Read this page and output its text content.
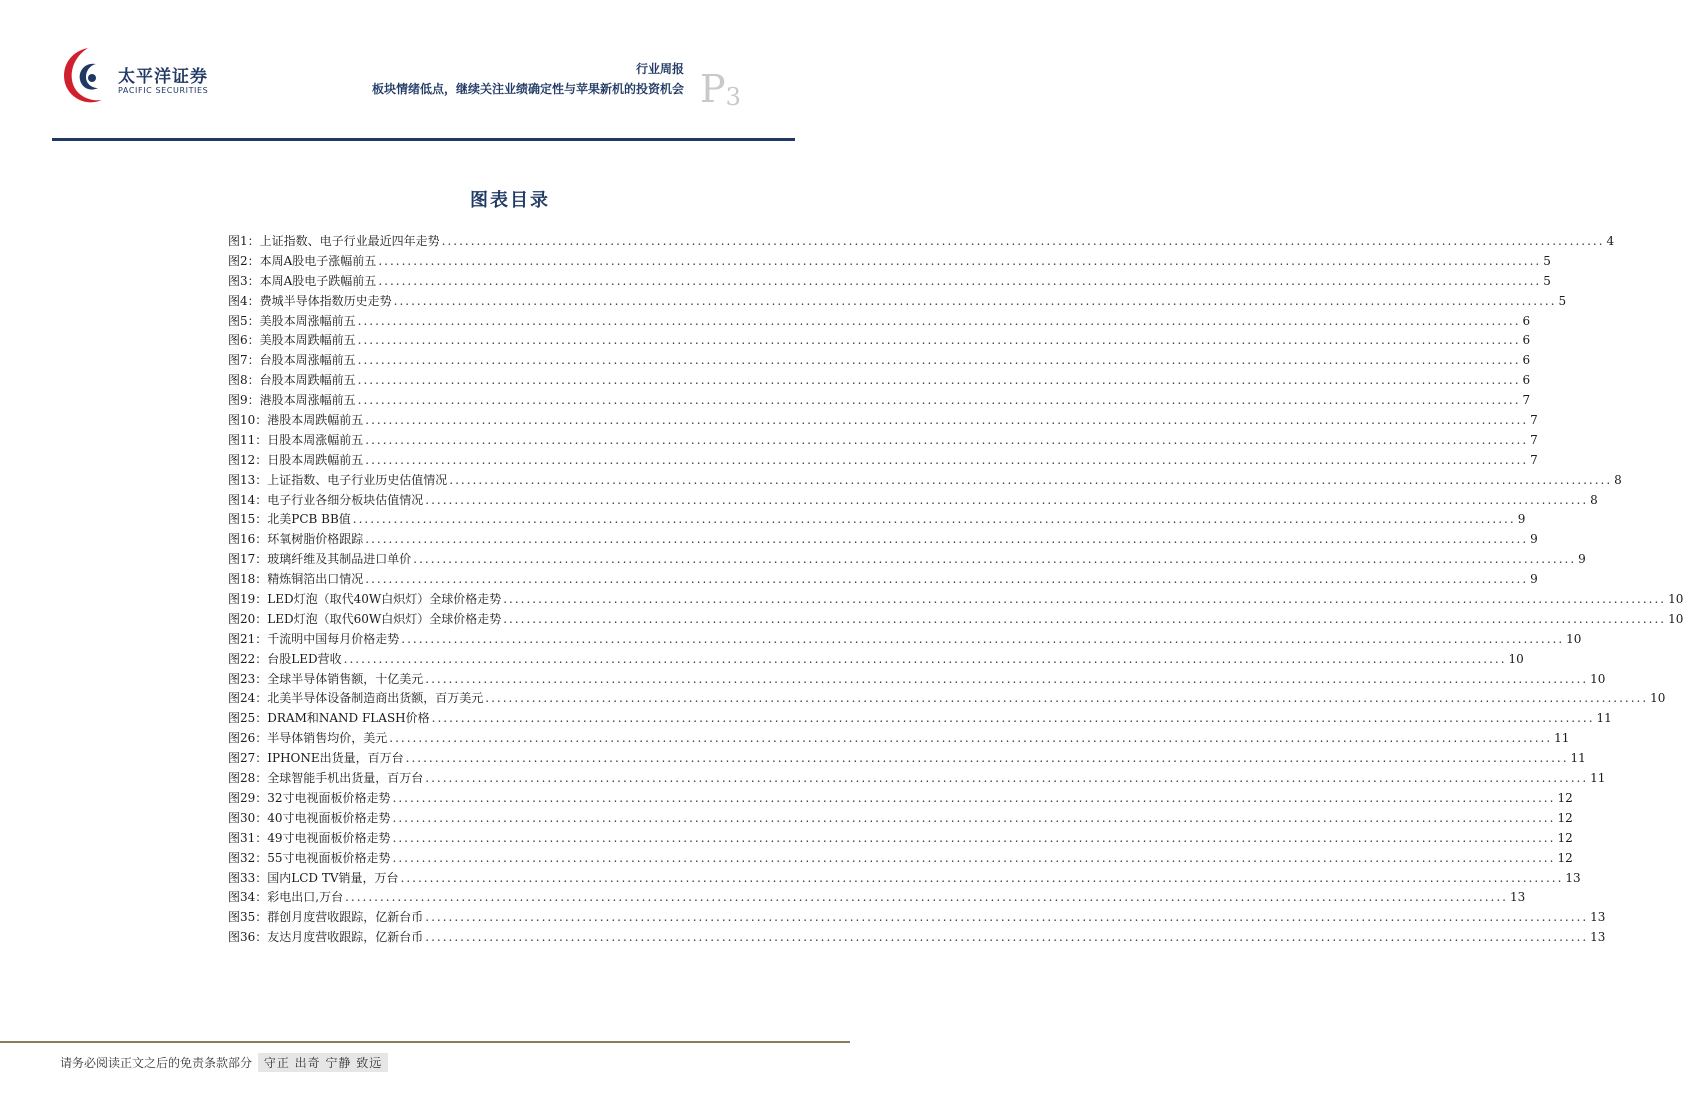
太平洋证券
PACIFIC SECURITIES
行业周报
板块情绪低点，继续关注业绩确定性与苹果新机的投资机会 P3
图表目录
图1：上证指数、电子行业最近四年走势 ........................................................................................................................................................................................................ 4
图2：本周A股电子涨幅前五 ........................................................................................................................................................................................................ 5
图3：本周A股电子跌幅前五 ........................................................................................................................................................................................................ 5
图4：费城半导体指数历史走势 ........................................................................................................................................................................................................ 5
图5：美股本周涨幅前五 ........................................................................................................................................................................................................ 6
图6：美股本周跌幅前五 ........................................................................................................................................................................................................ 6
图7：台股本周涨幅前五 ........................................................................................................................................................................................................ 6
图8：台股本周跌幅前五 ........................................................................................................................................................................................................ 6
图9：港股本周涨幅前五 ........................................................................................................................................................................................................ 7
图10：港股本周跌幅前五 ........................................................................................................................................................................................................ 7
图11：日股本周涨幅前五 ........................................................................................................................................................................................................ 7
图12：日股本周跌幅前五 ........................................................................................................................................................................................................ 7
图13：上证指数、电子行业历史估值情况 ........................................................................................................................................................................................................ 8
图14：电子行业各细分板块估值情况 ........................................................................................................................................................................................................ 8
图15：北美PCB BB值 ........................................................................................................................................................................................................ 9
图16：环氧树脂价格跟踪 ........................................................................................................................................................................................................ 9
图17：玻璃纤维及其制品进口单价 ........................................................................................................................................................................................................ 9
图18：精炼铜箔出口情况 ........................................................................................................................................................................................................ 9
图19：LED灯泡（取代40W白炽灯）全球价格走势 ........................................................................................................................................................................................................ 10
图20：LED灯泡（取代60W白炽灯）全球价格走势 ........................................................................................................................................................................................................ 10
图21：千流明中国每月价格走势 ........................................................................................................................................................................................................ 10
图22：台股LED营收 ........................................................................................................................................................................................................ 10
图23：全球半导体销售额，十亿美元 ........................................................................................................................................................................................................ 10
图24：北美半导体设备制造商出货额，百万美元 ........................................................................................................................................................................................................ 10
图25：DRAM和NAND FLASH价格 ........................................................................................................................................................................................................ 11
图26：半导体销售均价，美元 ........................................................................................................................................................................................................ 11
图27：IPHONE出货量，百万台 ........................................................................................................................................................................................................ 11
图28：全球智能手机出货量，百万台 ........................................................................................................................................................................................................ 11
图29：32寸电视面板价格走势 ........................................................................................................................................................................................................ 12
图30：40寸电视面板价格走势 ........................................................................................................................................................................................................ 12
图31：49寸电视面板价格走势 ........................................................................................................................................................................................................ 12
图32：55寸电视面板价格走势 ........................................................................................................................................................................................................ 12
图33：国内LCD TV销量，万台 ........................................................................................................................................................................................................ 13
图34：彩电出口,万台 ........................................................................................................................................................................................................ 13
图35：群创月度营收跟踪，亿新台币 ........................................................................................................................................................................................................ 13
图36：友达月度营收跟踪，亿新台币 ........................................................................................................................................................................................................ 13
请务必阅读正文之后的免责条款部分 守正 出奇 宁静 致远
